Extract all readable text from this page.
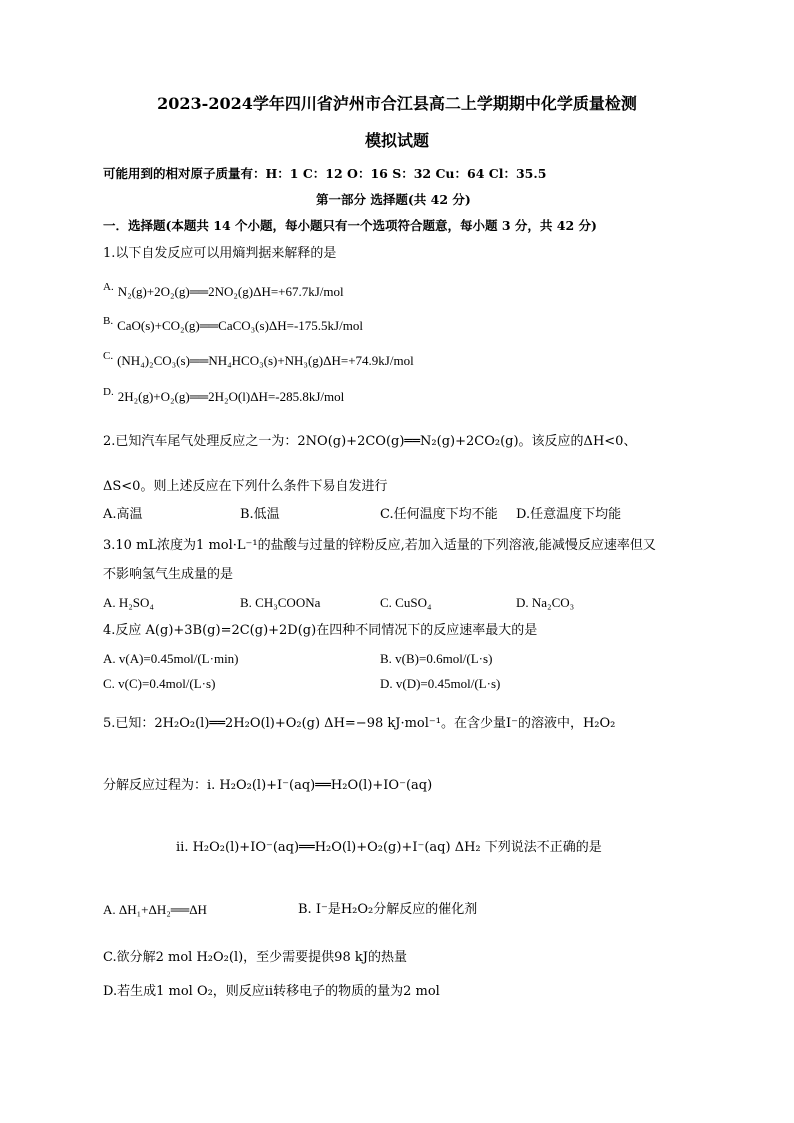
2023-2024学年四川省泸州市合江县高二上学期期中化学质量检测
模拟试题
可能用到的相对原子质量有：H：1 C：12 O：16 S：32 Cu：64 Cl：35.5
第一部分 选择题(共 42 分)
一．选择题(本题共 14 个小题，每小题只有一个选项符合题意，每小题 3 分，共 42 分)
1.以下自发反应可以用熵判据来解释的是
$^{A.}$ N₂(g)+2O₂(g)══2NO₂(g)ΔH=+67.7kJ/mol
$^{B.}$ CaO(s)+CO₂(g)══CaCO₃(s)ΔH=-175.5kJ/mol
$^{C.}$ (NH₄)₂CO₃(s)══NH₄HCO₃(s)+NH₃(g)ΔH=+74.9kJ/mol
$^{D.}$ 2H₂(g)+O₂(g)══2H₂O(l)ΔH=-285.8kJ/mol
2.已知汽车尾气处理反应之一为：2NO(g)+2CO(g)══N₂(g)+2CO₂(g)。该反应的ΔH<0、
ΔS<0。则上述反应在下列什么条件下易自发进行
A.高温	B.低温	C.任何温度下均不能 D.任意温度下均能
3.10 mL浓度为1 mol·L⁻¹的盐酸与过量的锌粉反应,若加入适量的下列溶液,能减慢反应速率但又
不影响氢气生成量的是
A. H₂SO₄	B. CH₃COONa	C. CuSO₄	D. Na₂CO₃
4.反应 A(g)+3B(g)=2C(g)+2D(g)在四种不同情况下的反应速率最大的是
A. v(A)=0.45mol/(L·min)	B. v(B)=0.6mol/(L·s)
C. v(C)=0.4mol/(L·s)	D. v(D)=0.45mol/(L·s)
5.已知：2H₂O₂(l)══2H₂O(l)+O₂(g) ΔH=−98 kJ·mol⁻¹。在含少量I⁻的溶液中，H₂O₂
分解反应过程为：ⅰ. H₂O₂(l)+I⁻(aq)══H₂O(l)+IO⁻(aq)
ⅱ. H₂O₂(l)+IO⁻(aq)══H₂O(l)+O₂(g)+I⁻(aq) ΔH₂ 下列说法不正确的是
A. ΔH₁+ΔH₂══ΔH	B. I⁻是H₂O₂分解反应的催化剂
C.欲分解2 mol H₂O₂(l)，至少需要提供98 kJ的热量
D.若生成1 mol O₂，则反应ⅱ转移电子的物质的量为2 mol
